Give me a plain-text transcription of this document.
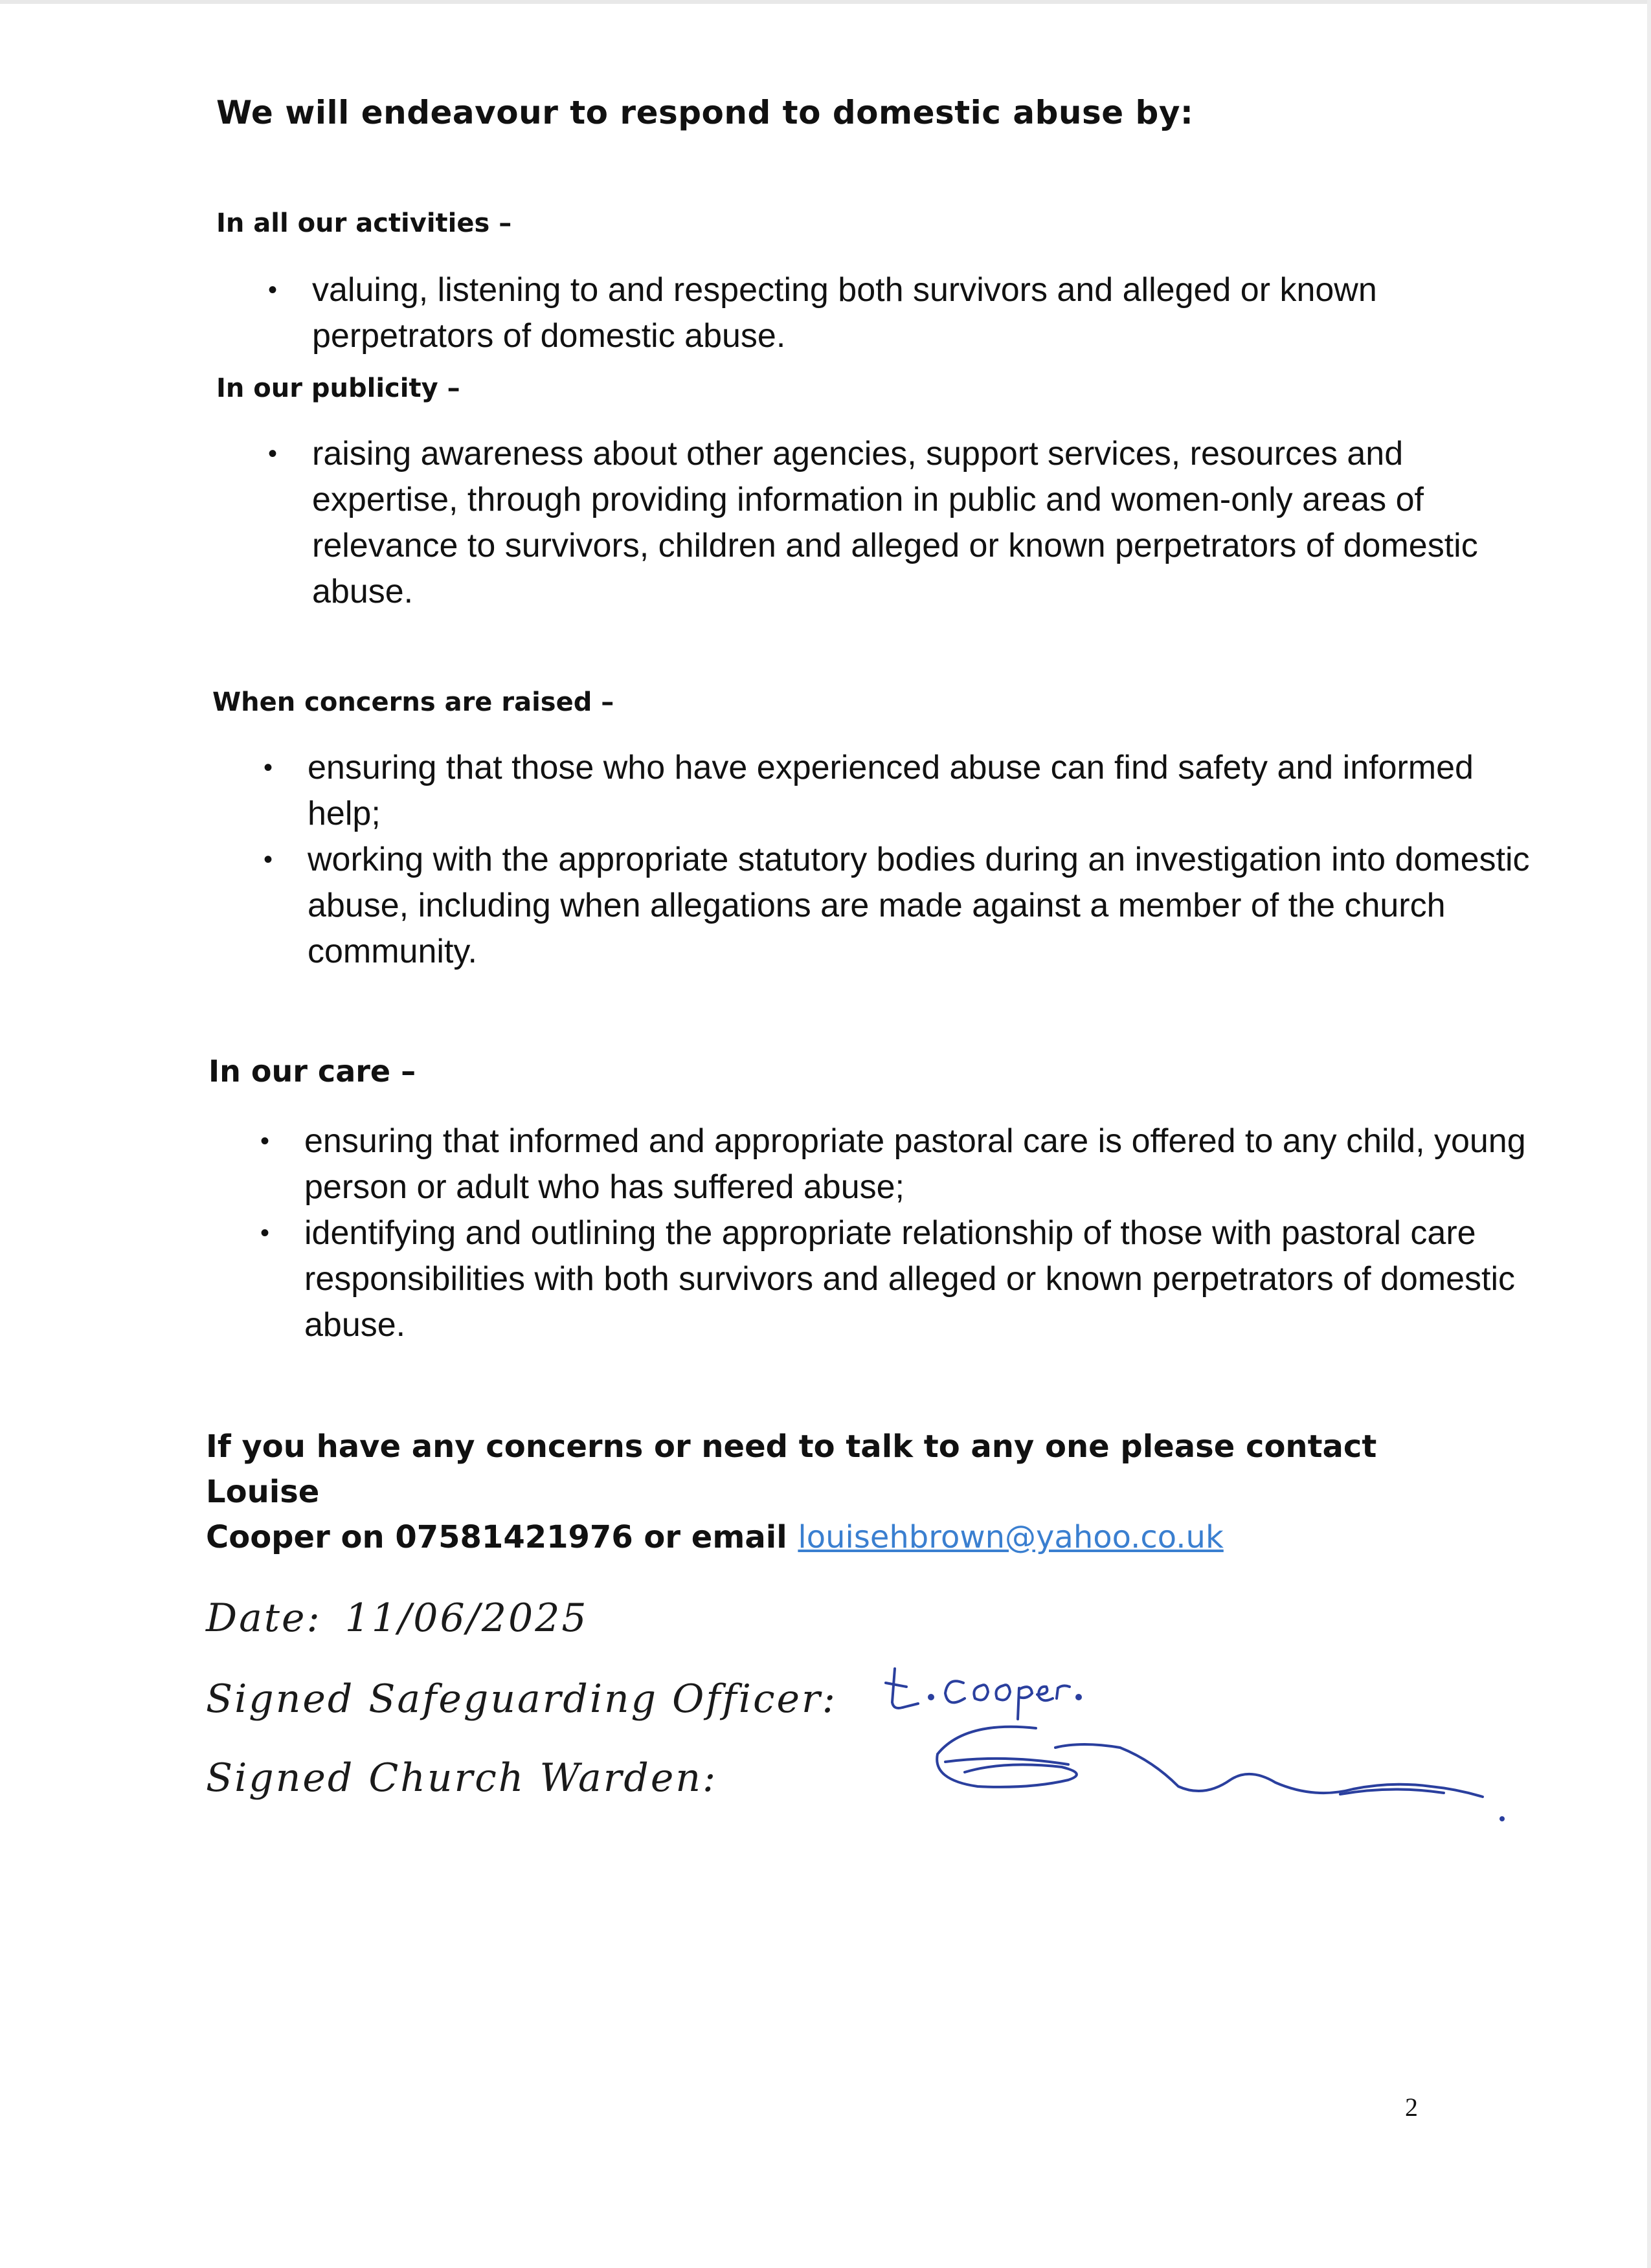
We will endeavour to respond to domestic abuse by:
In all our activities –
• valuing, listening to and respecting both survivors and alleged or known perpetrators of domestic abuse.
In our publicity –
• raising awareness about other agencies, support services, resources and expertise, through providing information in public and women-only areas of relevance to survivors, children and alleged or known perpetrators of domestic abuse.
When concerns are raised –
• ensuring that those who have experienced abuse can find safety and informed help;
• working with the appropriate statutory bodies during an investigation into domestic abuse, including when allegations are made against a member of the church community.
In our care –
• ensuring that informed and appropriate pastoral care is offered to any child, young person or adult who has suffered abuse;
• identifying and outlining the appropriate relationship of those with pastoral care responsibilities with both survivors and alleged or known perpetrators of domestic abuse.

If you have any concerns or need to talk to any one please contact Louise
Cooper on 07581421976 or email louisehbrown@yahoo.co.uk

Date: 11/06/2025
Signed Safeguarding Officer:
Signed Church Warden:
2
